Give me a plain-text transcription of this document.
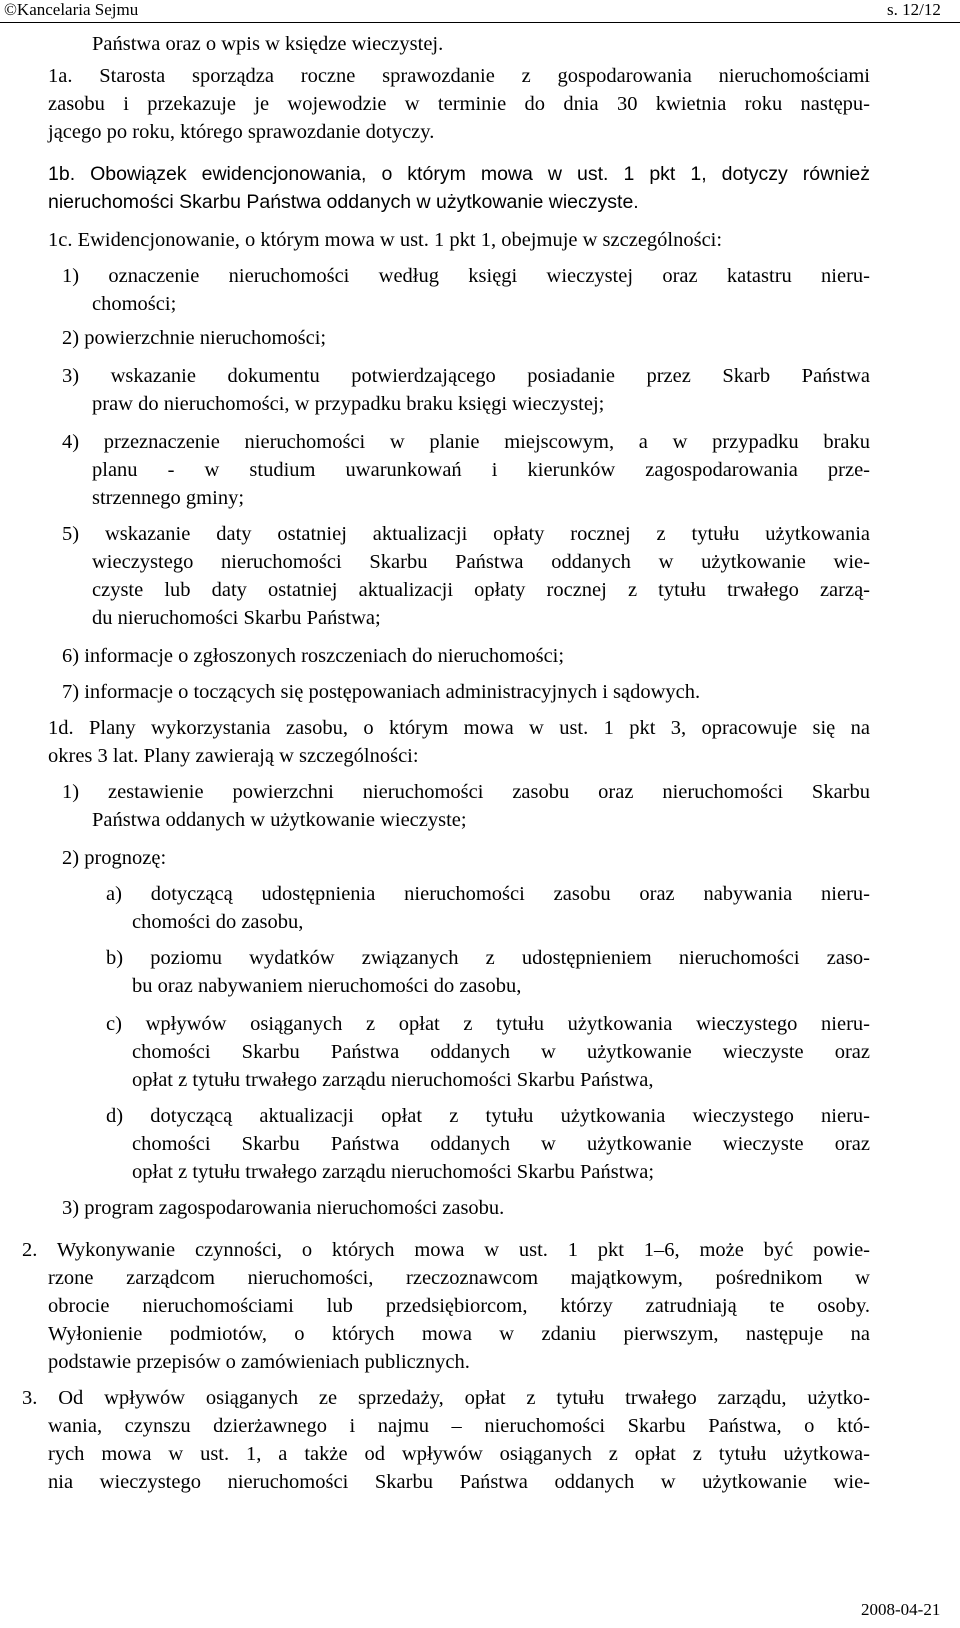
©Kancelaria Sejmu	s. 12/12

Państwa oraz o wpis w księdze wieczystej.

1a. Starosta sporządza roczne sprawozdanie z gospodarowania nieruchomościami

zasobu i przekazuje je wojewodzie w terminie do dnia 30 kwietnia roku następu-

jącego po roku, którego sprawozdanie dotyczy.

1b. Obowiązek ewidencjonowania, o którym mowa w ust. 1 pkt 1, dotyczy również

nieruchomości Skarbu Państwa oddanych w użytkowanie wieczyste.

1c. Ewidencjonowanie, o którym mowa w ust. 1 pkt 1, obejmuje w szczególności:

1) oznaczenie nieruchomości według księgi wieczystej oraz katastru nieru-

chomości;

2) powierzchnie nieruchomości;

3) wskazanie dokumentu potwierdzającego posiadanie przez Skarb Państwa

praw do nieruchomości, w przypadku braku księgi wieczystej;

4) przeznaczenie nieruchomości w planie miejscowym, a w przypadku braku

planu - w studium uwarunkowań i kierunków zagospodarowania prze-

strzennego gminy;

5) wskazanie daty ostatniej aktualizacji opłaty rocznej z tytułu użytkowania

wieczystego nieruchomości Skarbu Państwa oddanych w użytkowanie wie-

czyste lub daty ostatniej aktualizacji opłaty rocznej z tytułu trwałego zarzą-

du nieruchomości Skarbu Państwa;

6) informacje o zgłoszonych roszczeniach do nieruchomości;

7) informacje o toczących się postępowaniach administracyjnych i sądowych.

1d. Plany wykorzystania zasobu, o którym mowa w ust. 1 pkt 3, opracowuje się na

okres 3 lat. Plany zawierają w szczególności:

1) zestawienie powierzchni nieruchomości zasobu oraz nieruchomości Skarbu

Państwa oddanych w użytkowanie wieczyste;

2) prognozę:

a) dotyczącą udostępnienia nieruchomości zasobu oraz nabywania nieru-

chomości do zasobu,

b) poziomu wydatków związanych z udostępnieniem nieruchomości zaso-

bu oraz nabywaniem nieruchomości do zasobu,

c) wpływów osiąganych z opłat z tytułu użytkowania wieczystego nieru-

chomości Skarbu Państwa oddanych w użytkowanie wieczyste oraz

opłat z tytułu trwałego zarządu nieruchomości Skarbu Państwa,

d) dotyczącą aktualizacji opłat z tytułu użytkowania wieczystego nieru-

chomości Skarbu Państwa oddanych w użytkowanie wieczyste oraz

opłat z tytułu trwałego zarządu nieruchomości Skarbu Państwa;

3) program zagospodarowania nieruchomości zasobu.

2. Wykonywanie czynności, o których mowa w ust. 1 pkt 1–6, może być powie-

rzone zarządcom nieruchomości, rzeczoznawcom majątkowym, pośrednikom w

obrocie nieruchomościami lub przedsiębiorcom, którzy zatrudniają te osoby.

Wyłonienie podmiotów, o których mowa w zdaniu pierwszym, następuje na

podstawie przepisów o zamówieniach publicznych.

3. Od wpływów osiąganych ze sprzedaży, opłat z tytułu trwałego zarządu, użytko-

wania, czynszu dzierżawnego i najmu – nieruchomości Skarbu Państwa, o któ-

rych mowa w ust. 1, a także od wpływów osiąganych z opłat z tytułu użytkowa-

nia wieczystego nieruchomości Skarbu Państwa oddanych w użytkowanie wie-

2008-04-21
